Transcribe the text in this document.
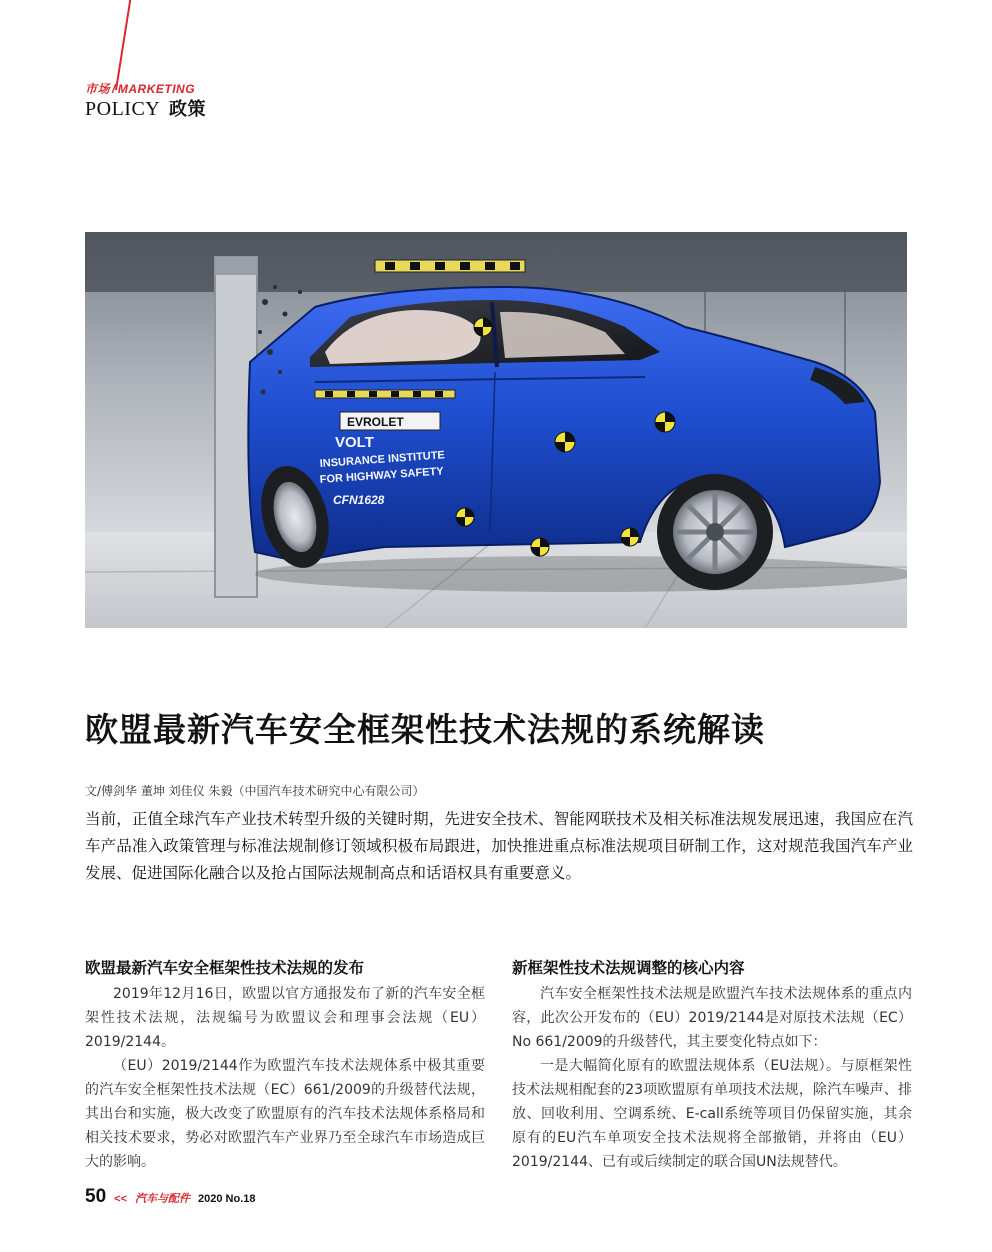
市场 / MARKETING
POLICY 政策
EVROLET
VOLT
INSURANCE INSTITUTE
FOR HIGHWAY SAFETY
CFN1628
欧盟最新汽车安全框架性技术法规的系统解读
文/傅剑华 董坤 刘佳仪 朱毅（中国汽车技术研究中心有限公司）
当前，正值全球汽车产业技术转型升级的关键时期，先进安全技术、智能网联技术及相关标准法规发展迅速，我国应在汽车产品准入政策管理与标准法规制修订领域积极布局跟进，加快推进重点标准法规项目研制工作，这对规范我国汽车产业发展、促进国际化融合以及抢占国际法规制高点和话语权具有重要意义。
欧盟最新汽车安全框架性技术法规的发布

2019年12月16日，欧盟以官方通报发布了新的汽车安全框架性技术法规，法规编号为欧盟议会和理事会法规（EU）2019/2144。

（EU）2019/2144作为欧盟汽车技术法规体系中极其重要的汽车安全框架性技术法规（EC）661/2009的升级替代法规，其出台和实施，极大改变了欧盟原有的汽车技术法规体系格局和相关技术要求，势必对欧盟汽车产业界乃至全球汽车市场造成巨大的影响。

新框架性技术法规调整的核心内容

汽车安全框架性技术法规是欧盟汽车技术法规体系的重点内容，此次公开发布的（EU）2019/2144是对原技术法规（EC）No 661/2009的升级替代，其主要变化特点如下：

一是大幅简化原有的欧盟法规体系（EU法规）。与原框架性技术法规相配套的23项欧盟原有单项技术法规，除汽车噪声、排放、回收利用、空调系统、E-call系统等项目仍保留实施，其余原有的EU汽车单项安全技术法规将全部撤销，并将由（EU）2019/2144、已有或后续制定的联合国UN法规替代。

50 << 汽车与配件 2020 No.18
